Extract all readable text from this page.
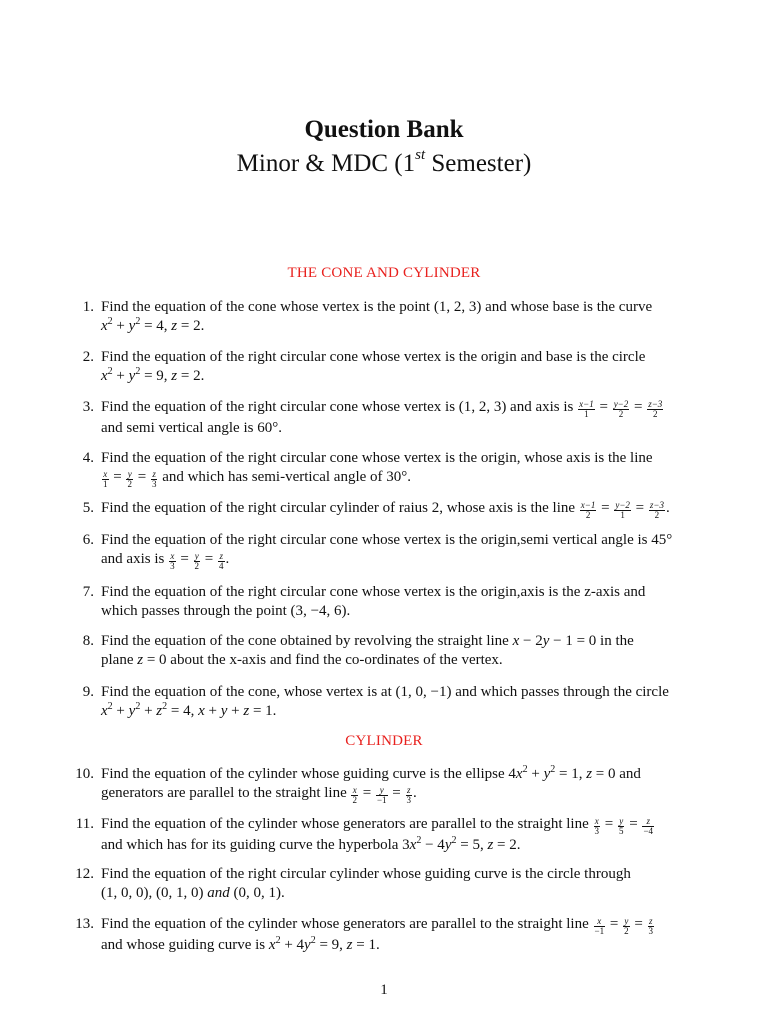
Question Bank
Minor & MDC (1st Semester)
THE CONE AND CYLINDER
1. Find the equation of the cone whose vertex is the point (1, 2, 3) and whose base is the curve
$x^2 + y^2 = 4$, z = 2.
2. Find the equation of the right circular cone whose vertex is the origin and base is the circle
$x^2 + y^2 = 9$, z = 2.
3. Find the equation of the right circular cone whose vertex is (1, 2, 3) and axis is $\frac{x-1}{1} = \frac{y-2}{2} = \frac{z-3}{2}$
and semi vertical angle is 60°.
4. Find the equation of the right circular cone whose vertex is the origin, whose axis is the line
$\frac{x}{1} = \frac{y}{2} = \frac{z}{3}$ and which has semi-vertical angle of 30°.
5. Find the equation of the right circular cylinder of raius 2, whose axis is the line $\frac{x-1}{2} = \frac{y-2}{1} = \frac{z-3}{2}$ .
6. Find the equation of the right circular cone whose vertex is the origin,semi vertical angle is 45°
and axis is $\frac{x}{3} = \frac{y}{2} = \frac{z}{4}$ .
7. Find the equation of the right circular cone whose vertex is the origin,axis is the z-axis and
which passes through the point (3, −4, 6).
8. Find the equation of the cone obtained by revolving the straight line x − 2y − 1 = 0 in the
plane z = 0 about the x-axis and find the co-ordinates of the vertex.
9. Find the equation of the cone, whose vertex is at (1, 0, −1) and which passes through the circle
$x^2 + y^2 + z^2 = 4$, x + y + z = 1.
CYLINDER
10. Find the equation of the cylinder whose guiding curve is the ellipse $4x^2 + y^2 = 1$, z = 0 and
generators are parallel to the straight line $\frac{x}{2} = \frac{y}{-1} = \frac{z}{3}$ .
11. Find the equation of the cylinder whose generators are parallel to the straight line $\frac{x}{3} = \frac{y}{5} = \frac{z}{-4}$
and which has for its guiding curve the hyperbola $3x^2 - 4y^2 = 5$, z = 2.
12. Find the equation of the right circular cylinder whose guiding curve is the circle through
(1, 0, 0), (0, 1, 0) and (0, 0, 1).
13. Find the equation of the cylinder whose generators are parallel to the straight line $\frac{x}{-1} = \frac{y}{2} = \frac{z}{3}$
and whose guiding curve is $x^2 + 4y^2 = 9$, z = 1.
1
